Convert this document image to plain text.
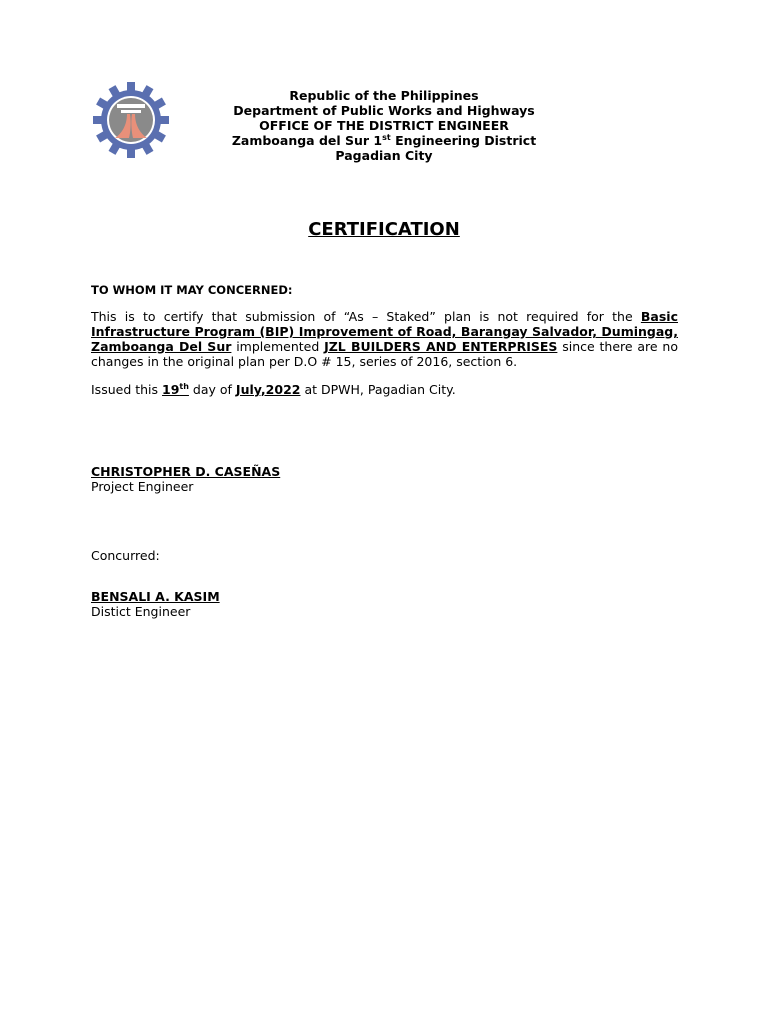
Republic of the Philippines
Department of Public Works and Highways
OFFICE OF THE DISTRICT ENGINEER
Zamboanga del Sur 1st Engineering District
Pagadian City
CERTIFICATION
TO WHOM IT MAY CONCERNED:
This is to certify that submission of “As – Staked” plan is not required for the Basic Infrastructure Program (BIP) Improvement of Road, Barangay Salvador, Dumingag, Zamboanga Del Sur implemented JZL BUILDERS AND ENTERPRISES since there are no changes in the original plan per D.O # 15, series of 2016, section 6.
Issued this 19th day of July,2022 at DPWH, Pagadian City.
CHRISTOPHER D. CASEÑAS
Project Engineer
Concurred:
BENSALI A. KASIM
Distict Engineer
